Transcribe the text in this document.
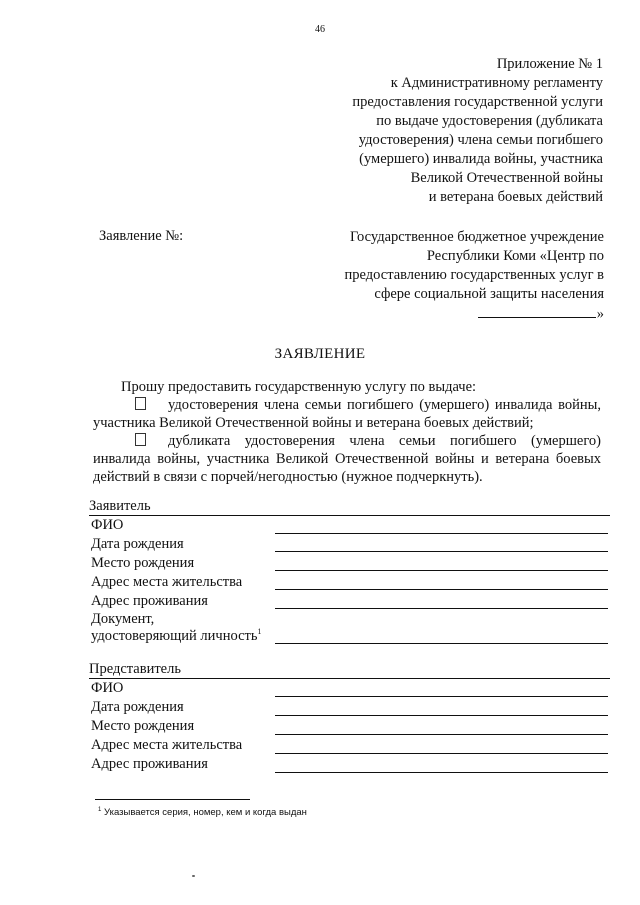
46
Приложение № 1
к Административному регламенту
предоставления государственной услуги
по выдаче удостоверения (дубликата
удостоверения) члена семьи погибшего
(умершего) инвалида войны, участника
Великой Отечественной войны
и ветерана боевых действий
Заявление №:	Государственное бюджетное учреждение
Республики Коми «Центр по
предоставлению государственных услуг в
сфере социальной защиты населения
»
ЗАЯВЛЕНИЕ

Прошу предоставить государственную услугу по выдаче:

удостоверения члена семьи погибшего (умершего) инвалида войны, участника Великой Отечественной войны и ветерана боевых действий;

дубликата удостоверения члена семьи погибшего (умершего) инвалида войны, участника Великой Отечественной войны и ветерана боевых действий в связи с порчей/негодностью (нужное подчеркнуть).

Заявитель
ФИО
Дата рождения
Место рождения
Адрес места жительства
Адрес проживания
Документ,
удостоверяющий личность$^1$
Представитель
ФИО
Дата рождения
Место рождения
Адрес места жительства
Адрес проживания
$^1$ Указывается серия, номер, кем и когда выдан
